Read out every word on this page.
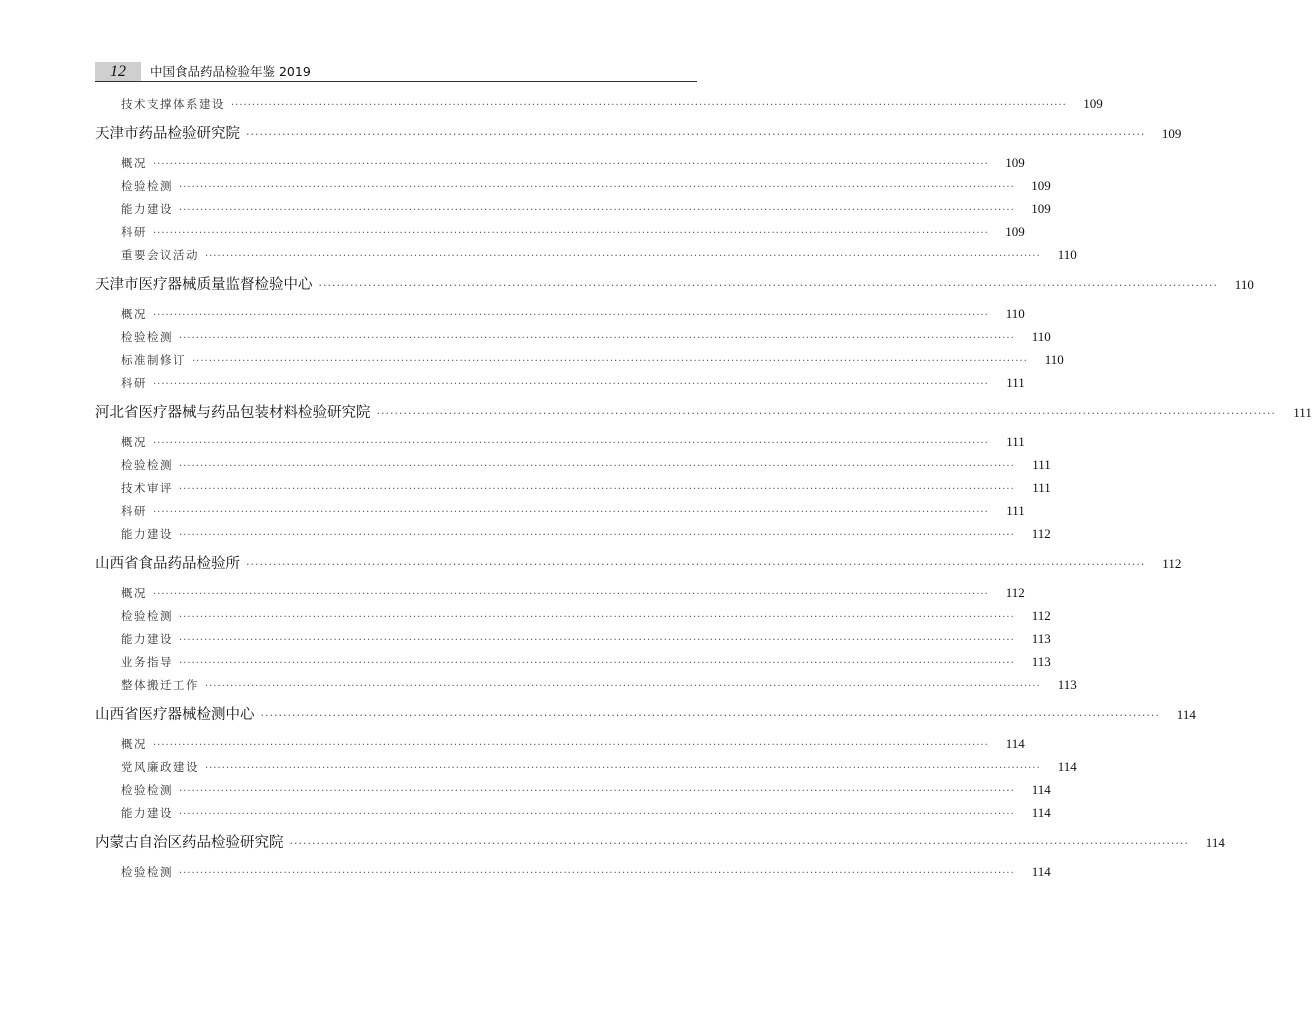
12	中国食品药品检验年鉴 2019
技术支撑体系建设 ········································································································································································································	109
天津市药品检验研究院 ········································································································································································································	109
概况 ········································································································································································································	109
检验检测 ········································································································································································································	109
能力建设 ········································································································································································································	109
科研 ········································································································································································································	109
重要会议活动 ········································································································································································································	110
天津市医疗器械质量监督检验中心 ········································································································································································································	110
概况 ········································································································································································································	110
检验检测 ········································································································································································································	110
标准制修订 ········································································································································································································	110
科研 ········································································································································································································	111
河北省医疗器械与药品包装材料检验研究院 ········································································································································································································	111
概况 ········································································································································································································	111
检验检测 ········································································································································································································	111
技术审评 ········································································································································································································	111
科研 ········································································································································································································	111
能力建设 ········································································································································································································	112
山西省食品药品检验所 ········································································································································································································	112
概况 ········································································································································································································	112
检验检测 ········································································································································································································	112
能力建设 ········································································································································································································	113
业务指导 ········································································································································································································	113
整体搬迁工作 ········································································································································································································	113
山西省医疗器械检测中心 ········································································································································································································	114
概况 ········································································································································································································	114
党风廉政建设 ········································································································································································································	114
检验检测 ········································································································································································································	114
能力建设 ········································································································································································································	114
内蒙古自治区药品检验研究院 ········································································································································································································	114
检验检测 ········································································································································································································	114
